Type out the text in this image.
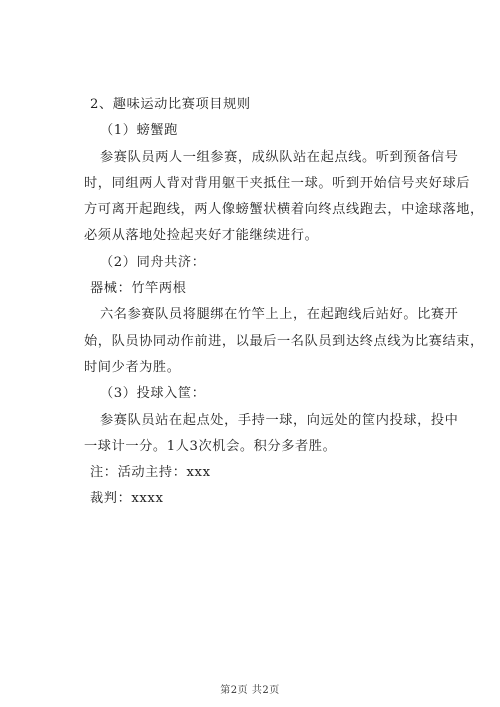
2、趣味运动比赛项目规则
（1）螃蟹跑
参赛队员两人一组参赛，成纵队站在起点线。听到预备信号
时，同组两人背对背用躯干夹抵住一球。听到开始信号夹好球后
方可离开起跑线，两人像螃蟹状横着向终点线跑去，中途球落地，
必须从落地处捡起夹好才能继续进行。
（2）同舟共济：
器械：竹竿两根
六名参赛队员将腿绑在竹竿上上，在起跑线后站好。比赛开
始，队员协同动作前进，以最后一名队员到达终点线为比赛结束，
时间少者为胜。
（3）投球入筐：
参赛队员站在起点处，手持一球，向远处的筐内投球，投中
一球计一分。1人3次机会。积分多者胜。
注：活动主持：xxx
裁判：xxxx
第2页 共2页
